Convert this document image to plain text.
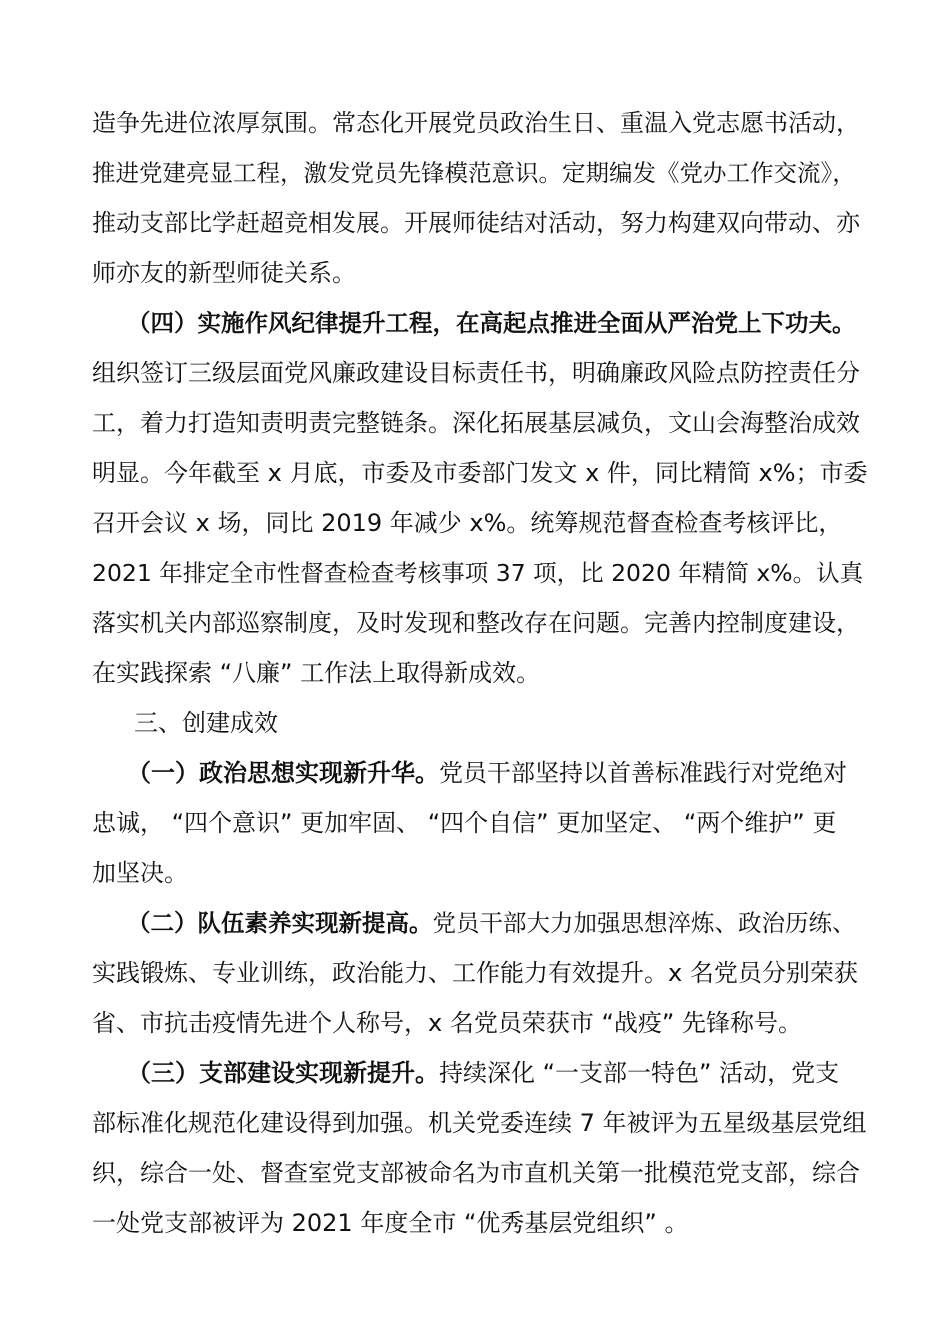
造争先进位浓厚氛围。常态化开展党员政治生日、重温入党志愿书活动，
推进党建亮显工程，激发党员先锋模范意识。定期编发《党办工作交流》，
推动支部比学赶超竞相发展。开展师徒结对活动，努力构建双向带动、亦
师亦友的新型师徒关系。
（四）实施作风纪律提升工程，在高起点推进全面从严治党上下功夫。
组织签订三级层面党风廉政建设目标责任书，明确廉政风险点防控责任分
工，着力打造知责明责完整链条。深化拓展基层减负，文山会海整治成效
明显。今年截至 x 月底，市委及市委部门发文 x 件，同比精简 x%；市委
召开会议 x 场，同比 2019 年减少 x%。统筹规范督查检查考核评比，
2021 年排定全市性督查检查考核事项 37 项，比 2020 年精简 x%。认真
落实机关内部巡察制度，及时发现和整改存在问题。完善内控制度建设，
在实践探索 “八廉” 工作法上取得新成效。
三、创建成效
（一）政治思想实现新升华。党员干部坚持以首善标准践行对党绝对
忠诚， “四个意识” 更加牢固、 “四个自信” 更加坚定、 “两个维护” 更
加坚决。
（二）队伍素养实现新提高。党员干部大力加强思想淬炼、政治历练、
实践锻炼、专业训练，政治能力、工作能力有效提升。x 名党员分别荣获
省、市抗击疫情先进个人称号，x 名党员荣获市 “战疫” 先锋称号。
（三）支部建设实现新提升。持续深化 “一支部一特色” 活动，党支
部标准化规范化建设得到加强。机关党委连续 7 年被评为五星级基层党组
织，综合一处、督查室党支部被命名为市直机关第一批模范党支部，综合
一处党支部被评为 2021 年度全市 “优秀基层党组织” 。
